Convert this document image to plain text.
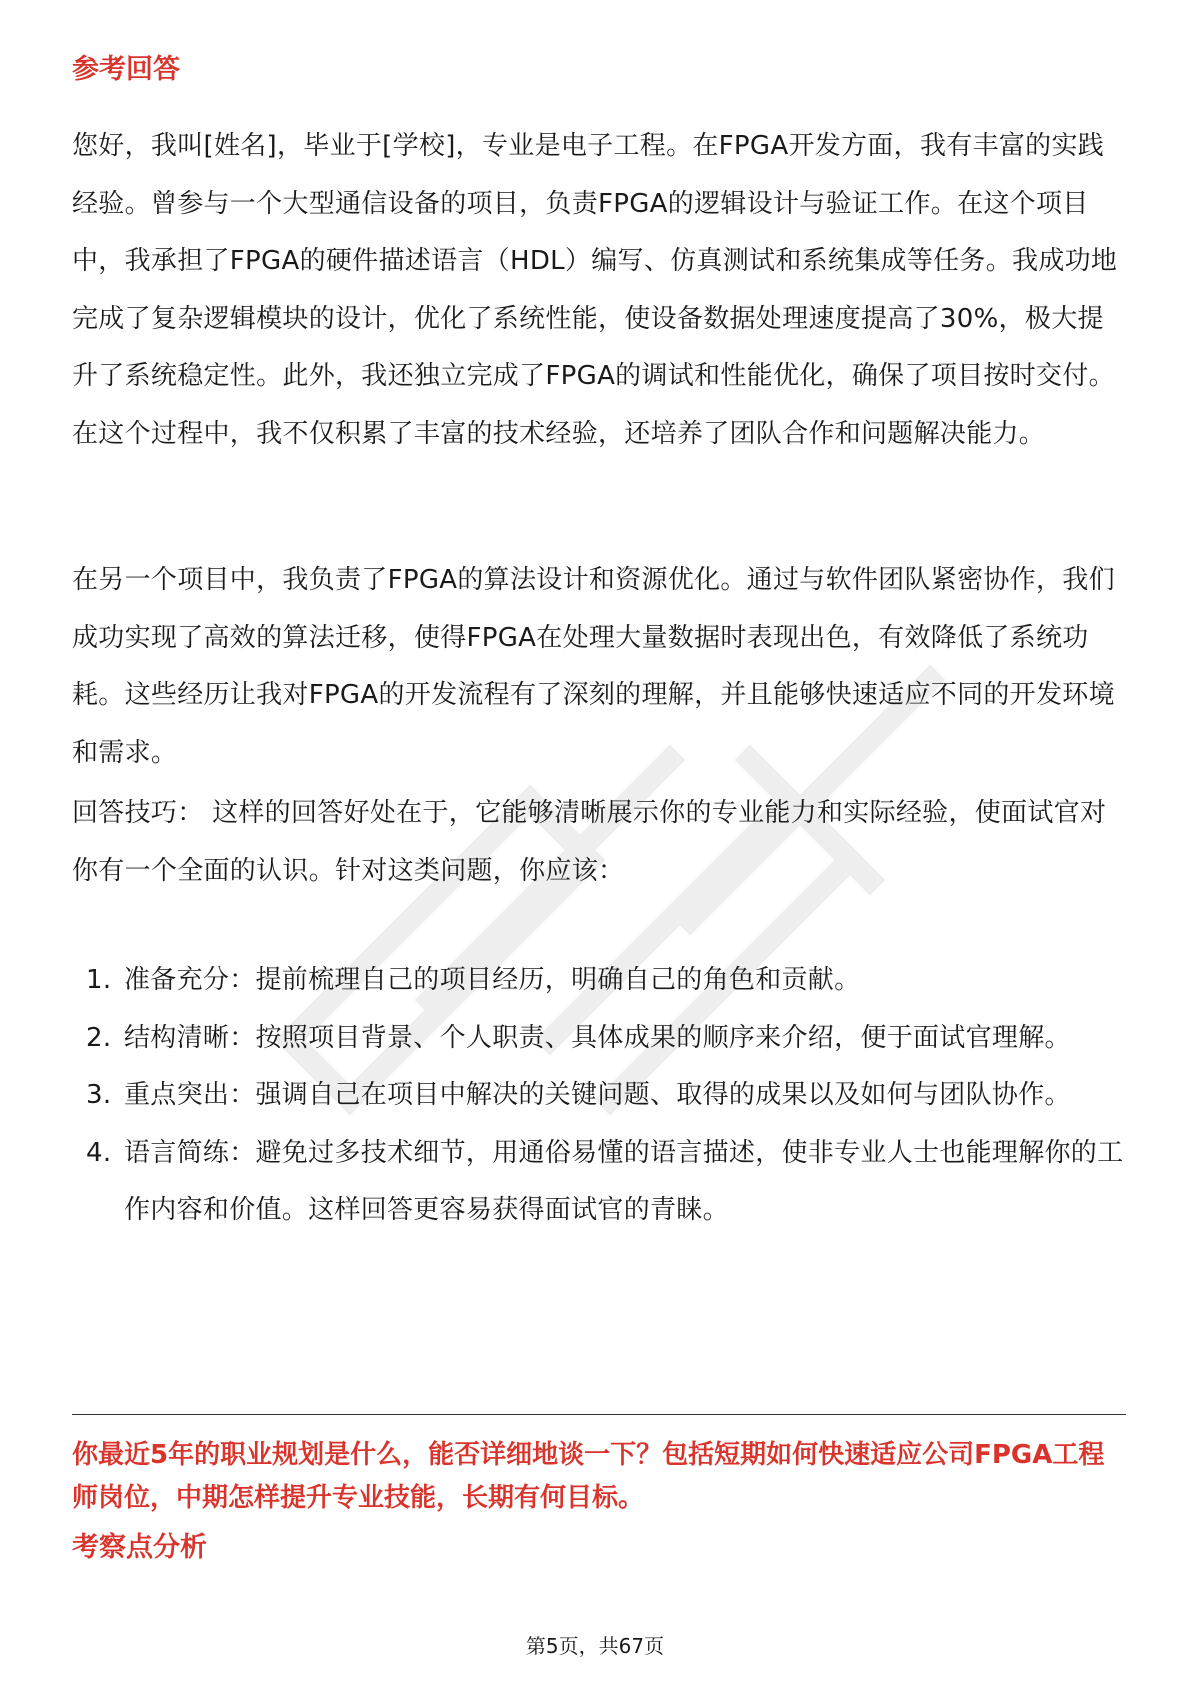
参考回答

您好，我叫[姓名]，毕业于[学校]，专业是电子工程。在FPGA开发方面，我有丰富的实践经验。曾参与一个大型通信设备的项目，负责FPGA的逻辑设计与验证工作。在这个项目中，我承担了FPGA的硬件描述语言（HDL）编写、仿真测试和系统集成等任务。我成功地完成了复杂逻辑模块的设计，优化了系统性能，使设备数据处理速度提高了30%，极大提升了系统稳定性。此外，我还独立完成了FPGA的调试和性能优化，确保了项目按时交付。在这个过程中，我不仅积累了丰富的技术经验，还培养了团队合作和问题解决能力。

在另一个项目中，我负责了FPGA的算法设计和资源优化。通过与软件团队紧密协作，我们成功实现了高效的算法迁移，使得FPGA在处理大量数据时表现出色，有效降低了系统功耗。这些经历让我对FPGA的开发流程有了深刻的理解，并且能够快速适应不同的开发环境和需求。

回答技巧： 这样的回答好处在于，它能够清晰展示你的专业能力和实际经验，使面试官对你有一个全面的认识。针对这类问题，你应该：

1. 准备充分：提前梳理自己的项目经历，明确自己的角色和贡献。
2. 结构清晰：按照项目背景、个人职责、具体成果的顺序来介绍，便于面试官理解。
3. 重点突出：强调自己在项目中解决的关键问题、取得的成果以及如何与团队协作。
4. 语言简练：避免过多技术细节，用通俗易懂的语言描述，使非专业人士也能理解你的工作内容和价值。这样回答更容易获得面试官的青睐。

你最近5年的职业规划是什么，能否详细地谈一下？包括短期如何快速适应公司FPGA工程师岗位，中期怎样提升专业技能，长期有何目标。

考察点分析
第5页，共67页
